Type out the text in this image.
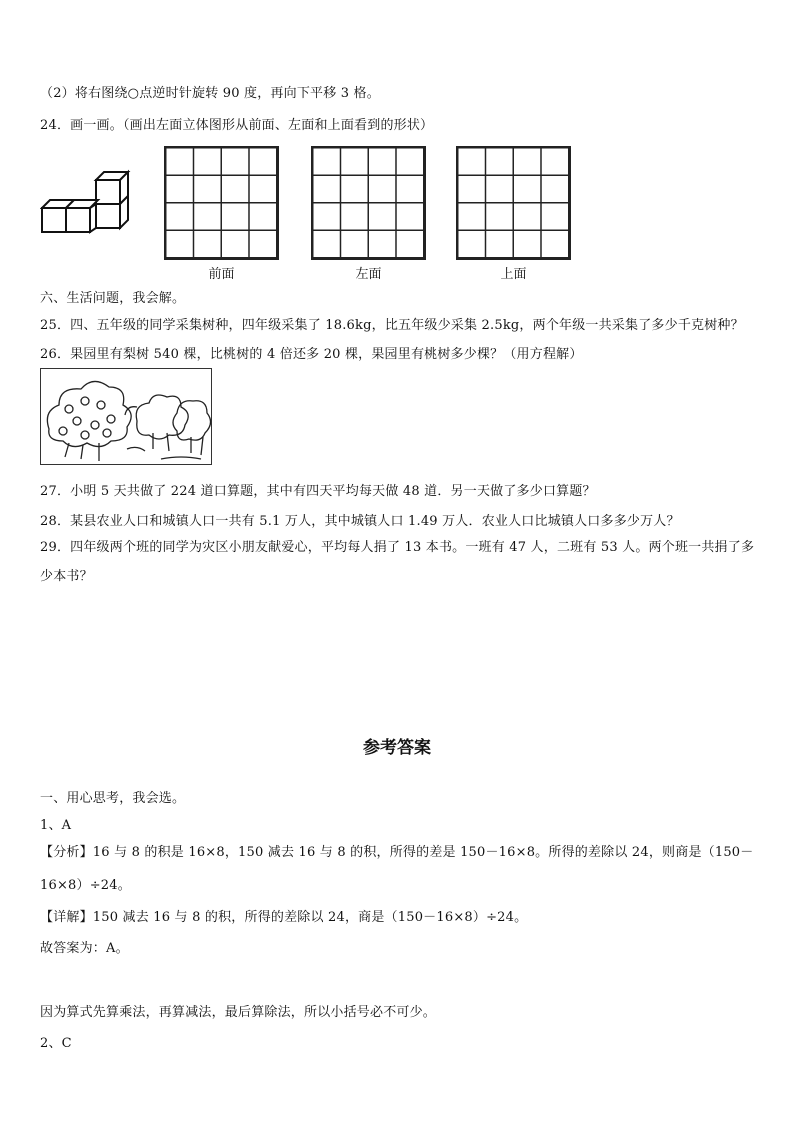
（2）将右图绕○点逆时针旋转 90 度，再向下平移 3 格。
24．画一画。（画出左面立体图形从前面、左面和上面看到的形状）
前面	左面	上面
六、生活问题，我会解。
25．四、五年级的同学采集树种，四年级采集了 18.6kg，比五年级少采集 2.5kg，两个年级一共采集了多少千克树种？
26．果园里有梨树 540 棵，比桃树的 4 倍还多 20 棵，果园里有桃树多少棵？（用方程解）
27．小明 5 天共做了 224 道口算题，其中有四天平均每天做 48 道．另一天做了多少口算题？
28．某县农业人口和城镇人口一共有 5.1 万人，其中城镇人口 1.49 万人．农业人口比城镇人口多多少万人？
29．四年级两个班的同学为灾区小朋友献爱心，平均每人捐了 13 本书。一班有 47 人，二班有 53 人。两个班一共捐了多少本书？
参考答案
一、用心思考，我会选。
1、A
【分析】16 与 8 的积是 16×8，150 减去 16 与 8 的积，所得的差是 150－16×8。所得的差除以 24，则商是（150－16×8）÷24。
【详解】150 减去 16 与 8 的积，所得的差除以 24，商是（150－16×8）÷24。
故答案为：A。
因为算式先算乘法，再算减法，最后算除法，所以小括号必不可少。
2、C
